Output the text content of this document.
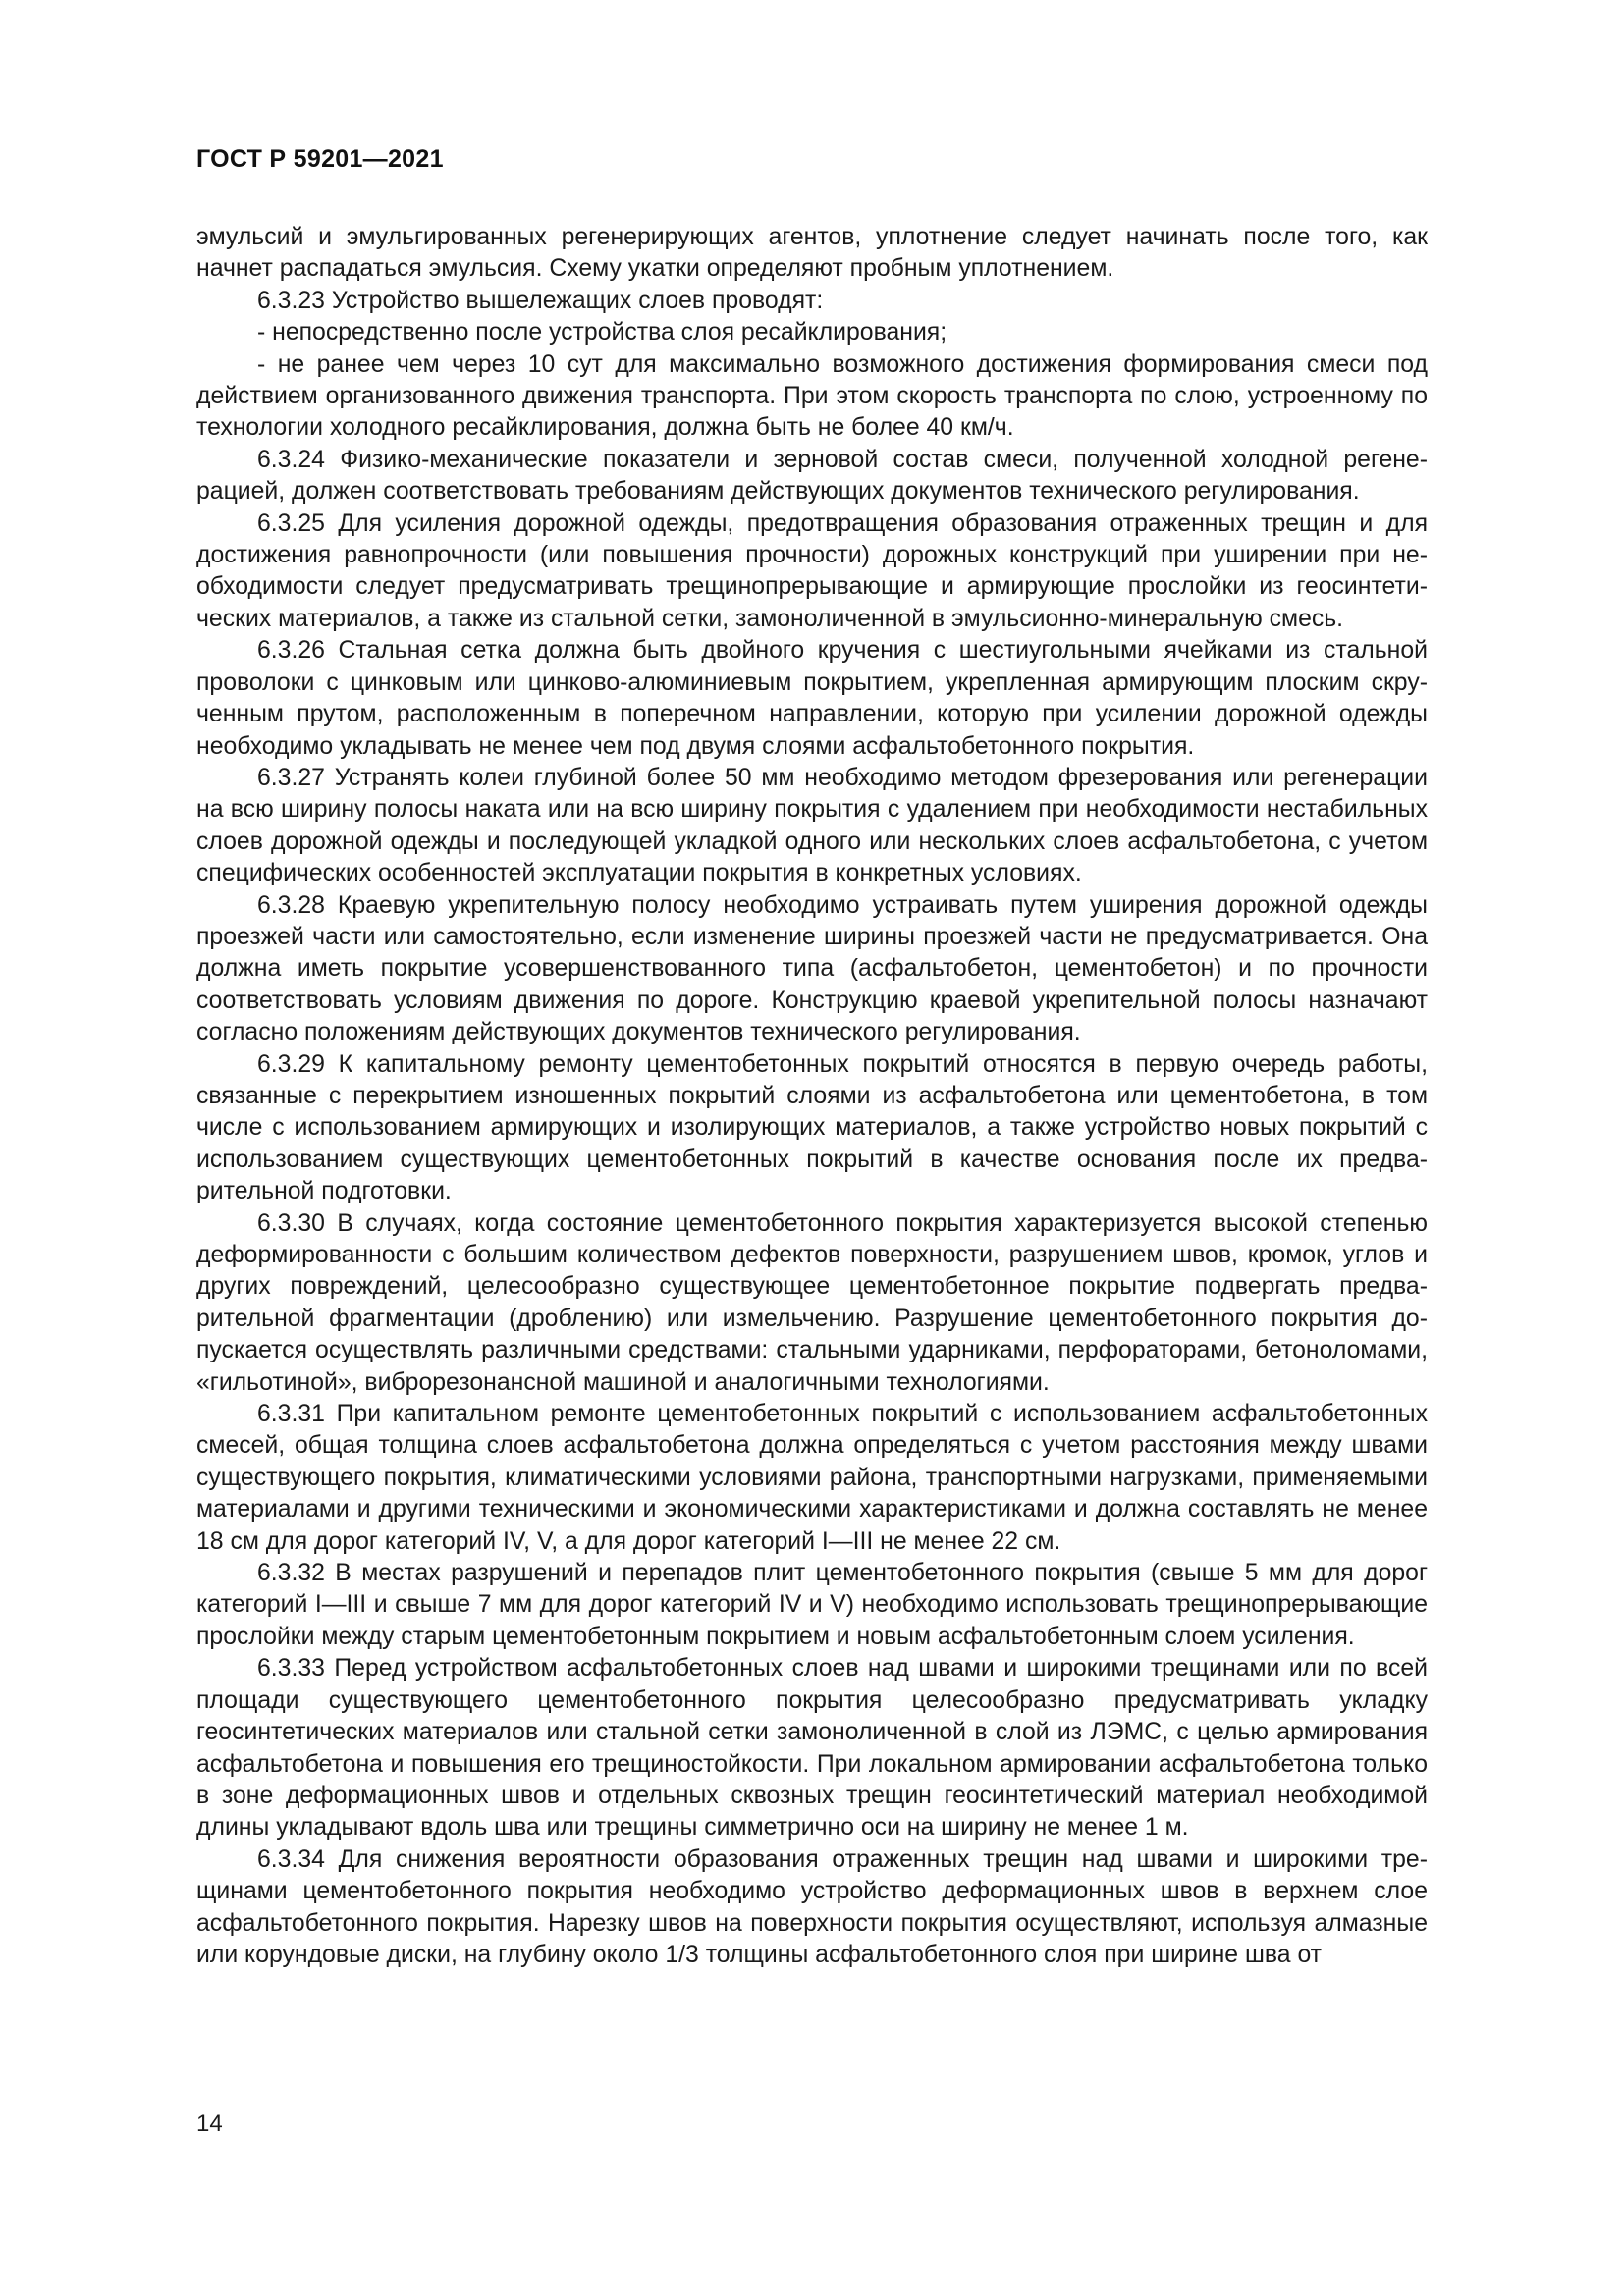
ГОСТ Р 59201—2021

эмульсий и эмульгированных регенерирующих агентов, уплотнение следует начинать после того, как начнет распадаться эмульсия. Схему укатки определяют пробным уплотнением.

6.3.23 Устройство вышележащих слоев проводят:

- непосредственно после устройства слоя ресайклирования;

- не ранее чем через 10 сут для максимально возможного достижения формирования смеси под действием организованного движения транспорта. При этом скорость транспорта по слою, устроенному по технологии холодного ресайклирования, должна быть не более 40 км/ч.

6.3.24 Физико-механические показатели и зерновой состав смеси, полученной холодной регенерацией, должен соответствовать требованиям действующих документов технического регулирования.

6.3.25 Для усиления дорожной одежды, предотвращения образования отраженных трещин и для достижения равнопрочности (или повышения прочности) дорожных конструкций при уширении при необходимости следует предусматривать трещинопрерывающие и армирующие прослойки из геосинтетических материалов, а также из стальной сетки, замоноличенной в эмульсионно-минеральную смесь.

6.3.26 Стальная сетка должна быть двойного кручения с шестиугольными ячейками из стальной проволоки с цинковым или цинково-алюминиевым покрытием, укрепленная армирующим плоским скрученным прутом, расположенным в поперечном направлении, которую при усилении дорожной одежды необходимо укладывать не менее чем под двумя слоями асфальтобетонного покрытия.

6.3.27 Устранять колеи глубиной более 50 мм необходимо методом фрезерования или регенерации на всю ширину полосы наката или на всю ширину покрытия с удалением при необходимости нестабильных слоев дорожной одежды и последующей укладкой одного или нескольких слоев асфальтобетона, с учетом специфических особенностей эксплуатации покрытия в конкретных условиях.

6.3.28 Краевую укрепительную полосу необходимо устраивать путем уширения дорожной одежды проезжей части или самостоятельно, если изменение ширины проезжей части не предусматривается. Она должна иметь покрытие усовершенствованного типа (асфальтобетон, цементобетон) и по прочности соответствовать условиям движения по дороге. Конструкцию краевой укрепительной полосы назначают согласно положениям действующих документов технического регулирования.

6.3.29 К капитальному ремонту цементобетонных покрытий относятся в первую очередь работы, связанные с перекрытием изношенных покрытий слоями из асфальтобетона или цементобетона, в том числе с использованием армирующих и изолирующих материалов, а также устройство новых покрытий с использованием существующих цементобетонных покрытий в качестве основания после их предварительной подготовки.

6.3.30 В случаях, когда состояние цементобетонного покрытия характеризуется высокой степенью деформированности с большим количеством дефектов поверхности, разрушением швов, кромок, углов и других повреждений, целесообразно существующее цементобетонное покрытие подвергать предварительной фрагментации (дроблению) или измельчению. Разрушение цементобетонного покрытия допускается осуществлять различными средствами: стальными ударниками, перфораторами, бетоноломами, «гильотиной», виброрезонансной машиной и аналогичными технологиями.

6.3.31 При капитальном ремонте цементобетонных покрытий с использованием асфальтобетонных смесей, общая толщина слоев асфальтобетона должна определяться с учетом расстояния между швами существующего покрытия, климатическими условиями района, транспортными нагрузками, применяемыми материалами и другими техническими и экономическими характеристиками и должна составлять не менее 18 см для дорог категорий IV, V, а для дорог категорий I—III не менее 22 см.

6.3.32 В местах разрушений и перепадов плит цементобетонного покрытия (свыше 5 мм для дорог категорий I—III и свыше 7 мм для дорог категорий IV и V) необходимо использовать трещинопрерывающие прослойки между старым цементобетонным покрытием и новым асфальтобетонным слоем усиления.

6.3.33 Перед устройством асфальтобетонных слоев над швами и широкими трещинами или по всей площади существующего цементобетонного покрытия целесообразно предусматривать укладку геосинтетических материалов или стальной сетки замоноличенной в слой из ЛЭМС, с целью армирования асфальтобетона и повышения его трещиностойкости. При локальном армировании асфальтобетона только в зоне деформационных швов и отдельных сквозных трещин геосинтетический материал необходимой длины укладывают вдоль шва или трещины симметрично оси на ширину не менее 1 м.

6.3.34 Для снижения вероятности образования отраженных трещин над швами и широкими трещинами цементобетонного покрытия необходимо устройство деформационных швов в верхнем слое асфальтобетонного покрытия. Нарезку швов на поверхности покрытия осуществляют, используя алмазные или корундовые диски, на глубину около 1/3 толщины асфальтобетонного слоя при ширине шва от

14
